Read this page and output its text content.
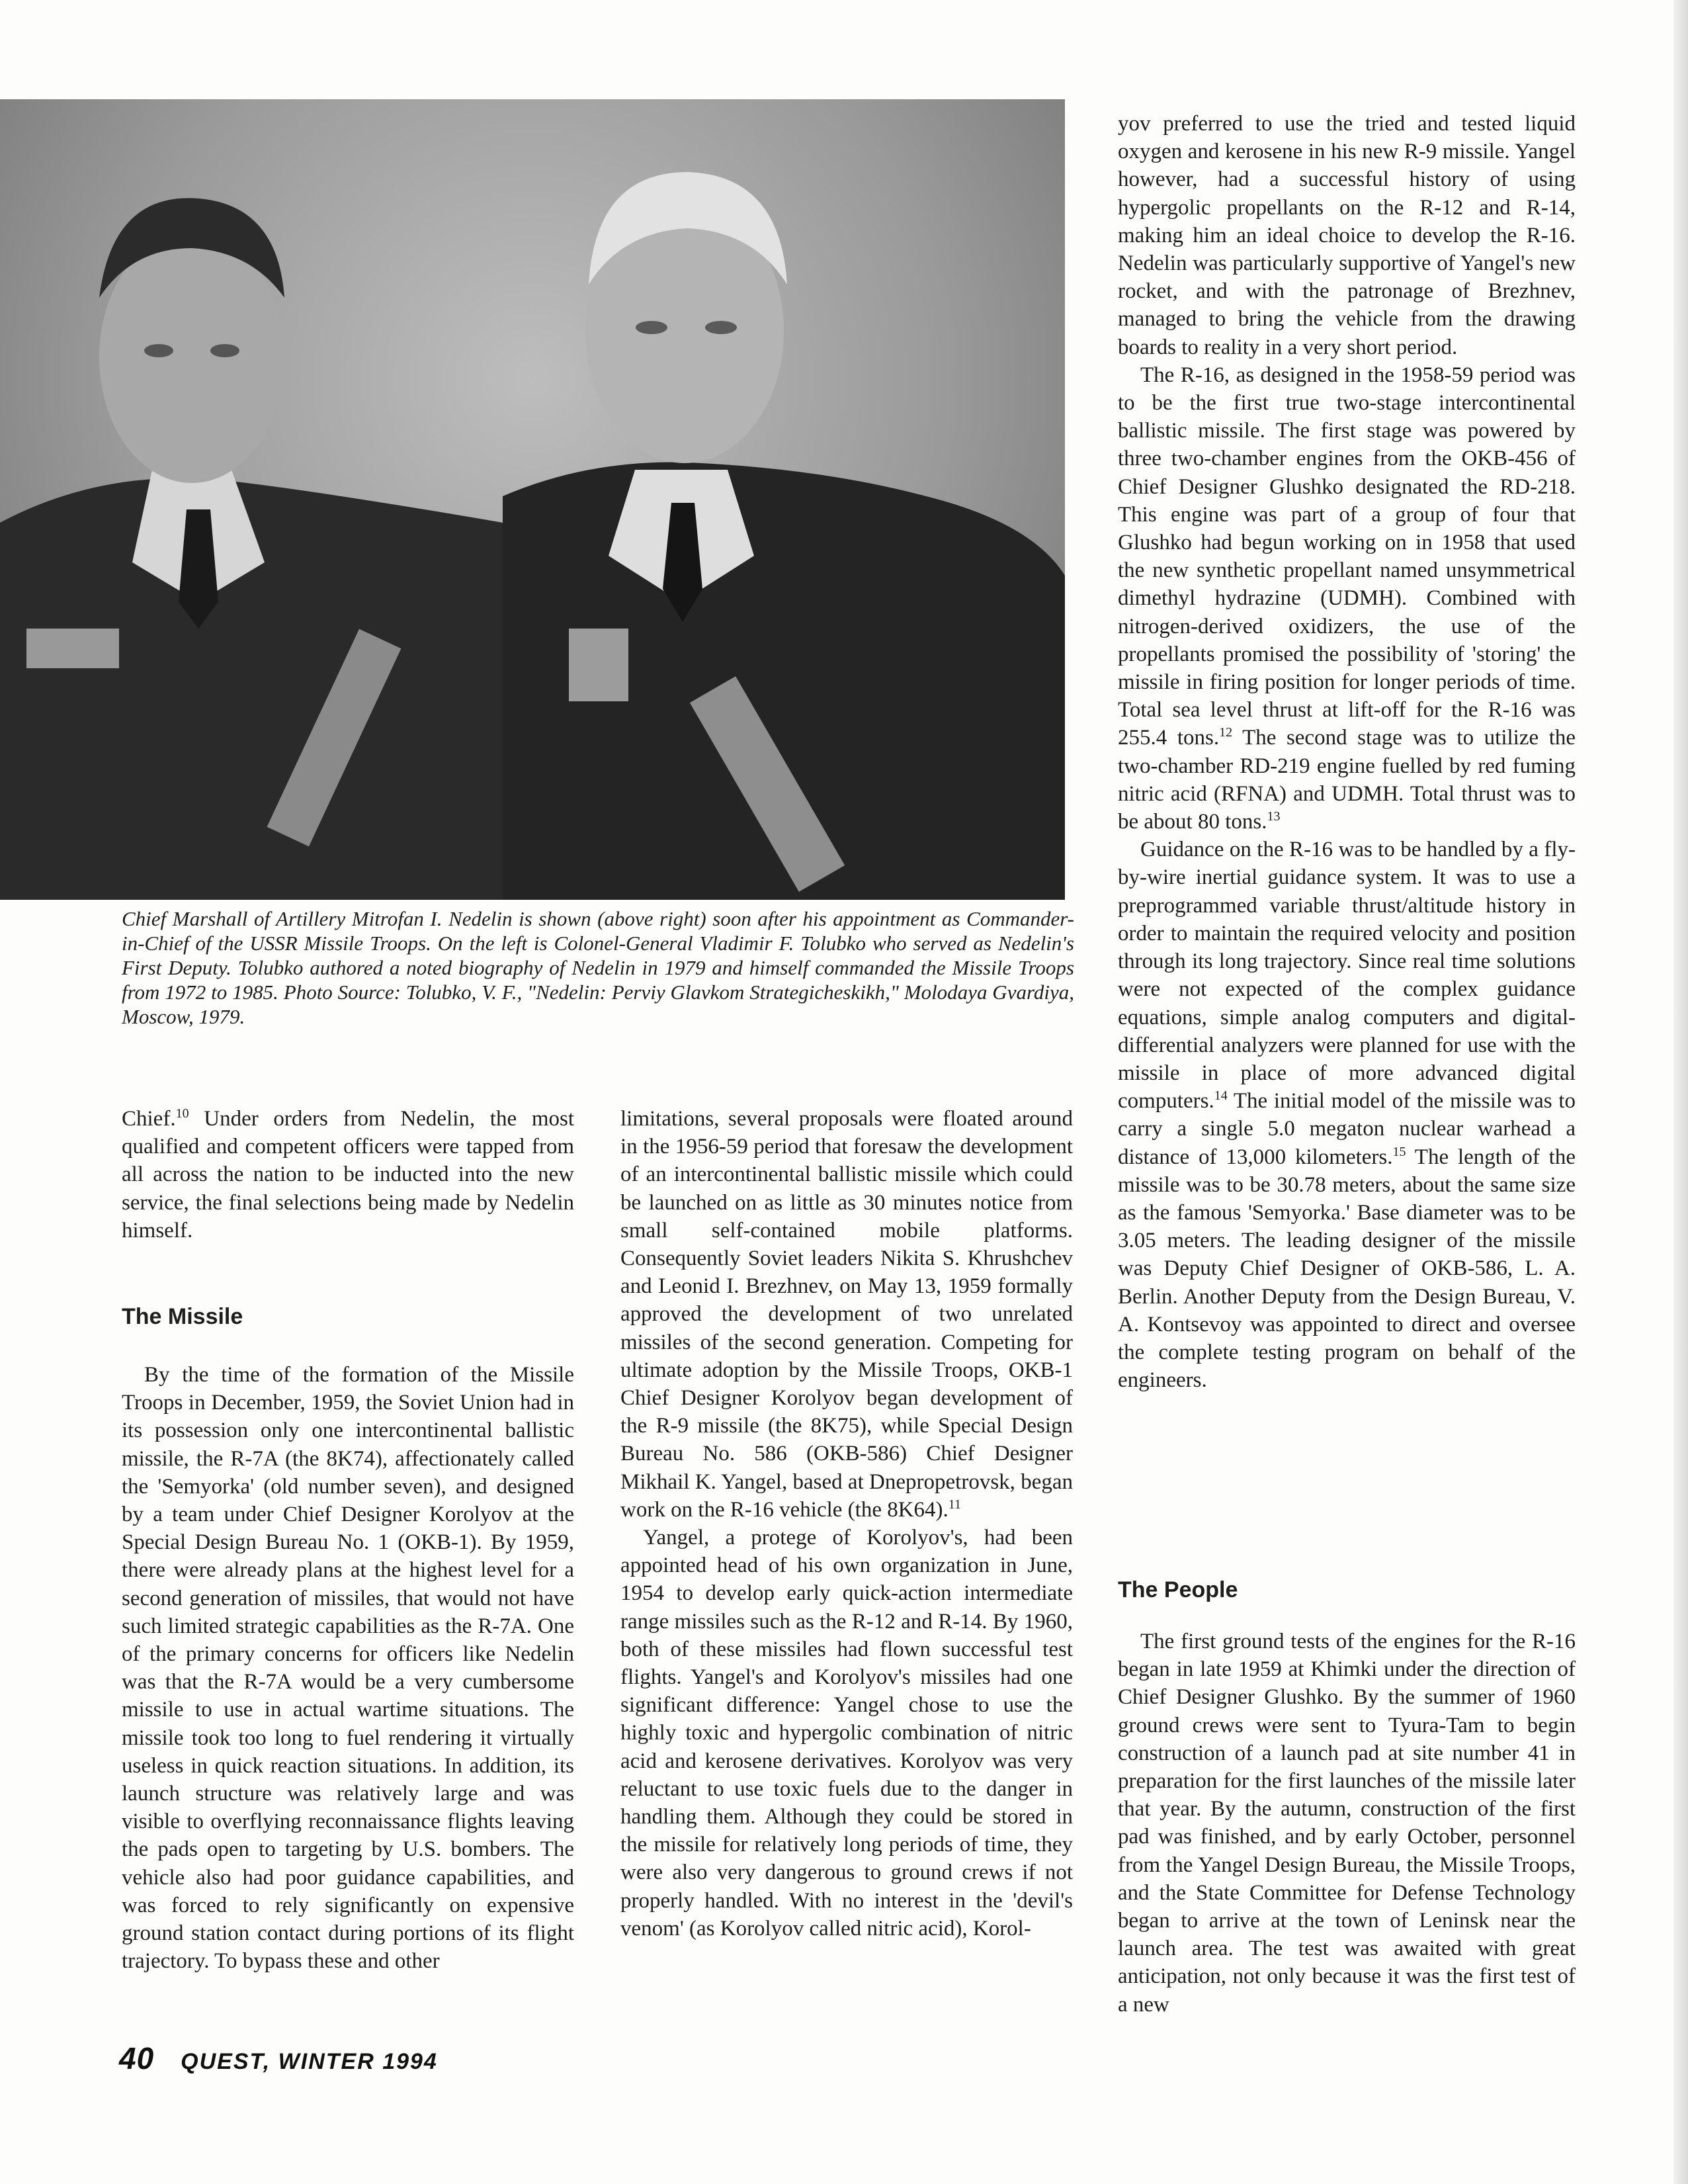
Chief Marshall of Artillery Mitrofan I. Nedelin is shown (above right) soon after his appointment as Commander-in-Chief of the USSR Missile Troops. On the left is Colonel-General Vladimir F. Tolubko who served as Nedelin's First Deputy. Tolubko authored a noted biography of Nedelin in 1979 and himself commanded the Missile Troops from 1972 to 1985. Photo Source: Tolubko, V. F., "Nedelin: Perviy Glavkom Strategicheskikh," Molodaya Gvardiya, Moscow, 1979.

Chief.$^{10}$ Under orders from Nedelin, the most qualified and competent officers were tapped from all across the nation to be inducted into the new service, the final selections being made by Nedelin himself.

The Missile

By the time of the formation of the Missile Troops in December, 1959, the Soviet Union had in its possession only one intercontinental ballistic missile, the R-7A (the 8K74), affectionately called the 'Semyorka' (old number seven), and designed by a team under Chief Designer Korolyov at the Special Design Bureau No. 1 (OKB-1). By 1959, there were already plans at the highest level for a second generation of missiles, that would not have such limited strategic capabilities as the R-7A. One of the primary concerns for officers like Nedelin was that the R-7A would be a very cumbersome missile to use in actual wartime situations. The missile took too long to fuel rendering it virtually useless in quick reaction situations. In addition, its launch structure was relatively large and was visible to overflying reconnaissance flights leaving the pads open to targeting by U.S. bombers. The vehicle also had poor guidance capabilities, and was forced to rely significantly on expensive ground station contact during portions of its flight trajectory. To bypass these and other

limitations, several proposals were floated around in the 1956-59 period that foresaw the development of an intercontinental ballistic missile which could be launched on as little as 30 minutes notice from small self-contained mobile platforms. Consequently Soviet leaders Nikita S. Khrushchev and Leonid I. Brezhnev, on May 13, 1959 formally approved the development of two unrelated missiles of the second generation. Competing for ultimate adoption by the Missile Troops, OKB-1 Chief Designer Korolyov began development of the R-9 missile (the 8K75), while Special Design Bureau No. 586 (OKB-586) Chief Designer Mikhail K. Yangel, based at Dnepropetrovsk, began work on the R-16 vehicle (the 8K64).$^{11}$

Yangel, a protege of Korolyov's, had been appointed head of his own organization in June, 1954 to develop early quick-action intermediate range missiles such as the R-12 and R-14. By 1960, both of these missiles had flown successful test flights. Yangel's and Korolyov's missiles had one significant difference: Yangel chose to use the highly toxic and hypergolic combination of nitric acid and kerosene derivatives. Korolyov was very reluctant to use toxic fuels due to the danger in handling them. Although they could be stored in the missile for relatively long periods of time, they were also very dangerous to ground crews if not properly handled. With no interest in the 'devil's venom' (as Korolyov called nitric acid), Korol-

yov preferred to use the tried and tested liquid oxygen and kerosene in his new R-9 missile. Yangel however, had a successful history of using hypergolic propellants on the R-12 and R-14, making him an ideal choice to develop the R-16. Nedelin was particularly supportive of Yangel's new rocket, and with the patronage of Brezhnev, managed to bring the vehicle from the drawing boards to reality in a very short period.

The R-16, as designed in the 1958-59 period was to be the first true two-stage intercontinental ballistic missile. The first stage was powered by three two-chamber engines from the OKB-456 of Chief Designer Glushko designated the RD-218. This engine was part of a group of four that Glushko had begun working on in 1958 that used the new synthetic propellant named unsymmetrical dimethyl hydrazine (UDMH). Combined with nitrogen-derived oxidizers, the use of the propellants promised the possibility of 'storing' the missile in firing position for longer periods of time. Total sea level thrust at lift-off for the R-16 was 255.4 tons.$^{12}$ The second stage was to utilize the two-chamber RD-219 engine fuelled by red fuming nitric acid (RFNA) and UDMH. Total thrust was to be about 80 tons.$^{13}$

Guidance on the R-16 was to be handled by a fly-by-wire inertial guidance system. It was to use a preprogrammed variable thrust/altitude history in order to maintain the required velocity and position through its long trajectory. Since real time solutions were not expected of the complex guidance equations, simple analog computers and digital-differential analyzers were planned for use with the missile in place of more advanced digital computers.$^{14}$ The initial model of the missile was to carry a single 5.0 megaton nuclear warhead a distance of 13,000 kilometers.$^{15}$ The length of the missile was to be 30.78 meters, about the same size as the famous 'Semyorka.' Base diameter was to be 3.05 meters. The leading designer of the missile was Deputy Chief Designer of OKB-586, L. A. Berlin. Another Deputy from the Design Bureau, V. A. Kontsevoy was appointed to direct and oversee the complete testing program on behalf of the engineers.

The People

The first ground tests of the engines for the R-16 began in late 1959 at Khimki under the direction of Chief Designer Glushko. By the summer of 1960 ground crews were sent to Tyura-Tam to begin construction of a launch pad at site number 41 in preparation for the first launches of the missile later that year. By the autumn, construction of the first pad was finished, and by early October, personnel from the Yangel Design Bureau, the Missile Troops, and the State Committee for Defense Technology began to arrive at the town of Leninsk near the launch area. The test was awaited with great anticipation, not only because it was the first test of a new

40 QUEST, WINTER 1994
